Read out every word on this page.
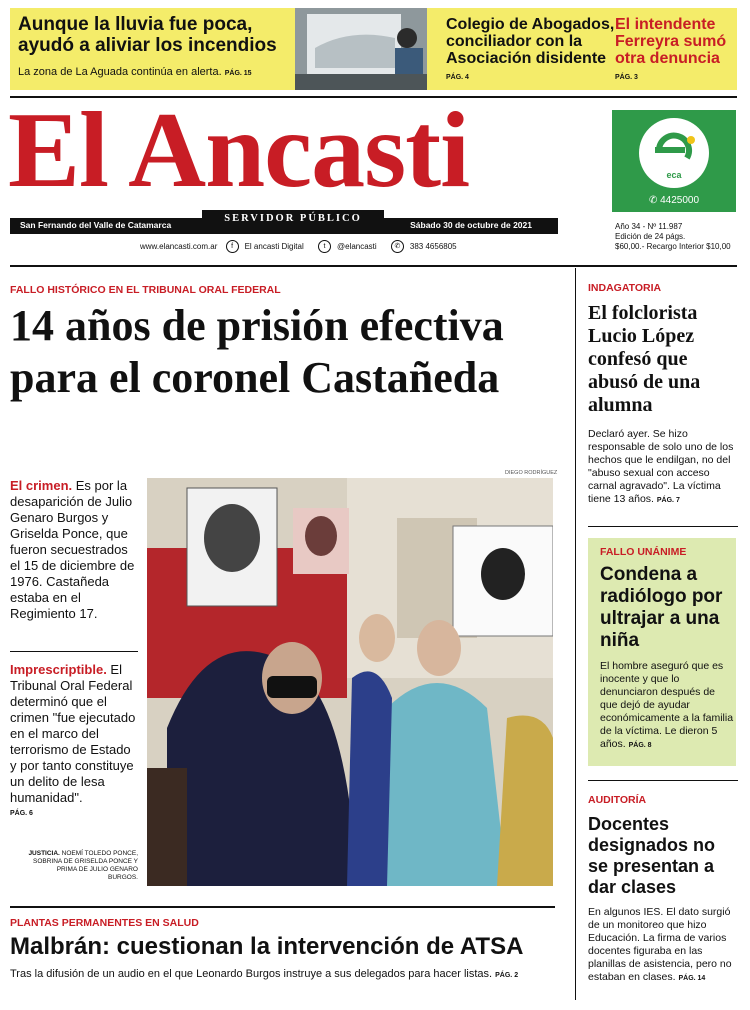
Aunque la lluvia fue poca, ayudó a aliviar los incendios
La zona de La Aguada continúa en alerta. PÁG. 15
Colegio de Abogados, conciliador con la Asociación disidente
PÁG. 4
El intendente Ferreyra sumó otra denuncia
PÁG. 3
El Ancasti
San Fernando del Valle de Catamarca	Sábado 30 de octubre de 2021
SERVIDOR PÚBLICO
www.elancasti.com.ar f El ancasti Digital	t @elancasti	✆ 383 4656805
eca
✆ 4425000
Año 34 - Nº 11.987
Edición de 24 págs.
$60,00.- Recargo Interior $10,00
FALLO HISTÓRICO EN EL TRIBUNAL ORAL FEDERAL
14 años de prisión efectiva para el coronel Castañeda
El crimen. Es por la desaparición de Julio Genaro Burgos y Griselda Ponce, que fueron secuestrados el 15 de diciembre de 1976. Castañeda estaba en el Regimiento 17.
Imprescriptible. El Tribunal Oral Federal determinó que el crimen "fue ejecutado en el marco del terrorismo de Estado y por tanto constituye un delito de lesa humanidad".
PÁG. 6
JUSTICIA. NOEMÍ TOLEDO PONCE, SOBRINA DE GRISELDA PONCE Y PRIMA DE JULIO GENARO BURGOS.
DIEGO RODRÍGUEZ
PLANTAS PERMANENTES EN SALUD
Malbrán: cuestionan la intervención de ATSA
Tras la difusión de un audio en el que Leonardo Burgos instruye a sus delegados para hacer listas. PÁG. 2
INDAGATORIA
El folclorista Lucio López confesó que abusó de una alumna
Declaró ayer. Se hizo responsable de solo uno de los hechos que le endilgan, no del "abuso sexual con acceso carnal agravado". La víctima tiene 13 años. PÁG. 7
FALLO UNÁNIME
Condena a radiólogo por ultrajar a una niña
El hombre aseguró que es inocente y que lo denunciaron después de que dejó de ayudar económicamente a la familia de la víctima. Le dieron 5 años. PÁG. 8
AUDITORÍA
Docentes designados no se presentan a dar clases
En algunos IES. El dato surgió de un monitoreo que hizo Educación. La firma de varios docentes figuraba en las planillas de asistencia, pero no estaban en clases. PÁG. 14
